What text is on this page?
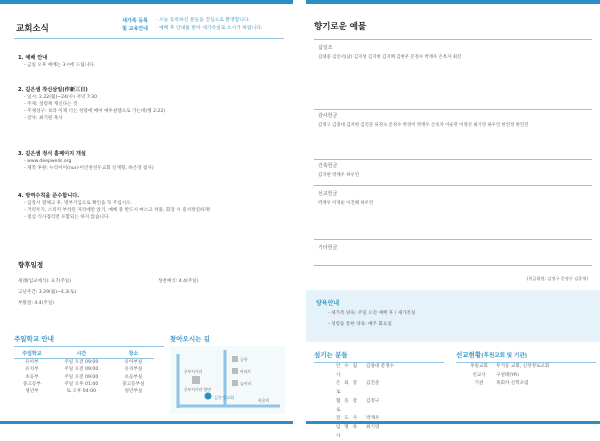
교회소식
새가족 등록
및 교육안내
· 오늘 등록하신 분들을 진심으로 환영합니다.
· 예배 후 안내를 받아 새가족실로 오시기 바랍니다.
1. 예배 안내
- 금일 오후 예배는 3시에 드립니다.
2. 깊은샘 작신삼일(作新三日)
- 일시: 2.22(월)~24(수) 저녁 7:30
- 주제: 성령께 계신다는 것
- 주제성구: 보라 이제 너는 성령에 매여 예루살렘으로 가는데(행 2:22)
- 강사: 최기원 목사
3. 깊은샘 정식 홈페이지 개설
- www.deepwells.org
- 제작 후원: 누리이이(nuri-이인천선두교회 신재형, 하은영 집사)
4. 방역수칙을 준수합니다.
- 입장시 열체크 후, 명부기입으로 확인을 꼭 주십시오.
- 거리두기, 스티커 부착된 자리에만 앉기, 예배 중 반드시 마스크 착용, 회장 시 질서정연하게!
- 점심 식사접리면 포함되는 하지 않습니다.
향후일정
세례(입교예식): 3.7(주일)
고난주간: 3.29(월)~4.3(토)
부활절: 4.4(주일)
성찬예식: 4.4(주일)
주일학교 안내
주일학교	시간	장소
유아부	주일 오전 09:00	유아부실
유치부	주일 오전 09:00	유치부실
초등부	주일 오전 09:00	초등부실
중고등부	주일 오후 01:00	중고등부실
청년부	토 오후 04:00	청년부실
찾아오시는 길
중부사거리
중부사거리 방면
공항
아파트
놀이터
복음역
깊은샘교회
향기로운 예물
십일조
김대중 김인서(남) 김지성 김지현 김지혜 김현우 문정수 박재우 손옥자 최진
감사헌금
김정구 김종대 김지현 김진준 류정숙 문정수 박경미 박재우 손옥자 이순란 이영선 최기영 하우연 한연정 한연진
건축헌금
김지현 박재우 하우연
선교헌금
박재우 이영순 이진혜 하우연
기타헌금
(헌금위원: 김정구 문정수 김종혁)
양육안내
- 새가족 양육: 주일 오전 예배 후 / 새가족실
- 성령을 통한 양육: 매주 화요일
섬기는 분들
안 수 집 사
김종대 문정수
은 퇴 장 로
김진준
협 동 장 로
김정구
전 도 사	박재우
임 명 목 사
최기영
선교현황(후원교회 및 기관)
후원교회	무거동 교회, 신정정로교회
선교사	구성태(YR)
기관	목회자 신학포럼
